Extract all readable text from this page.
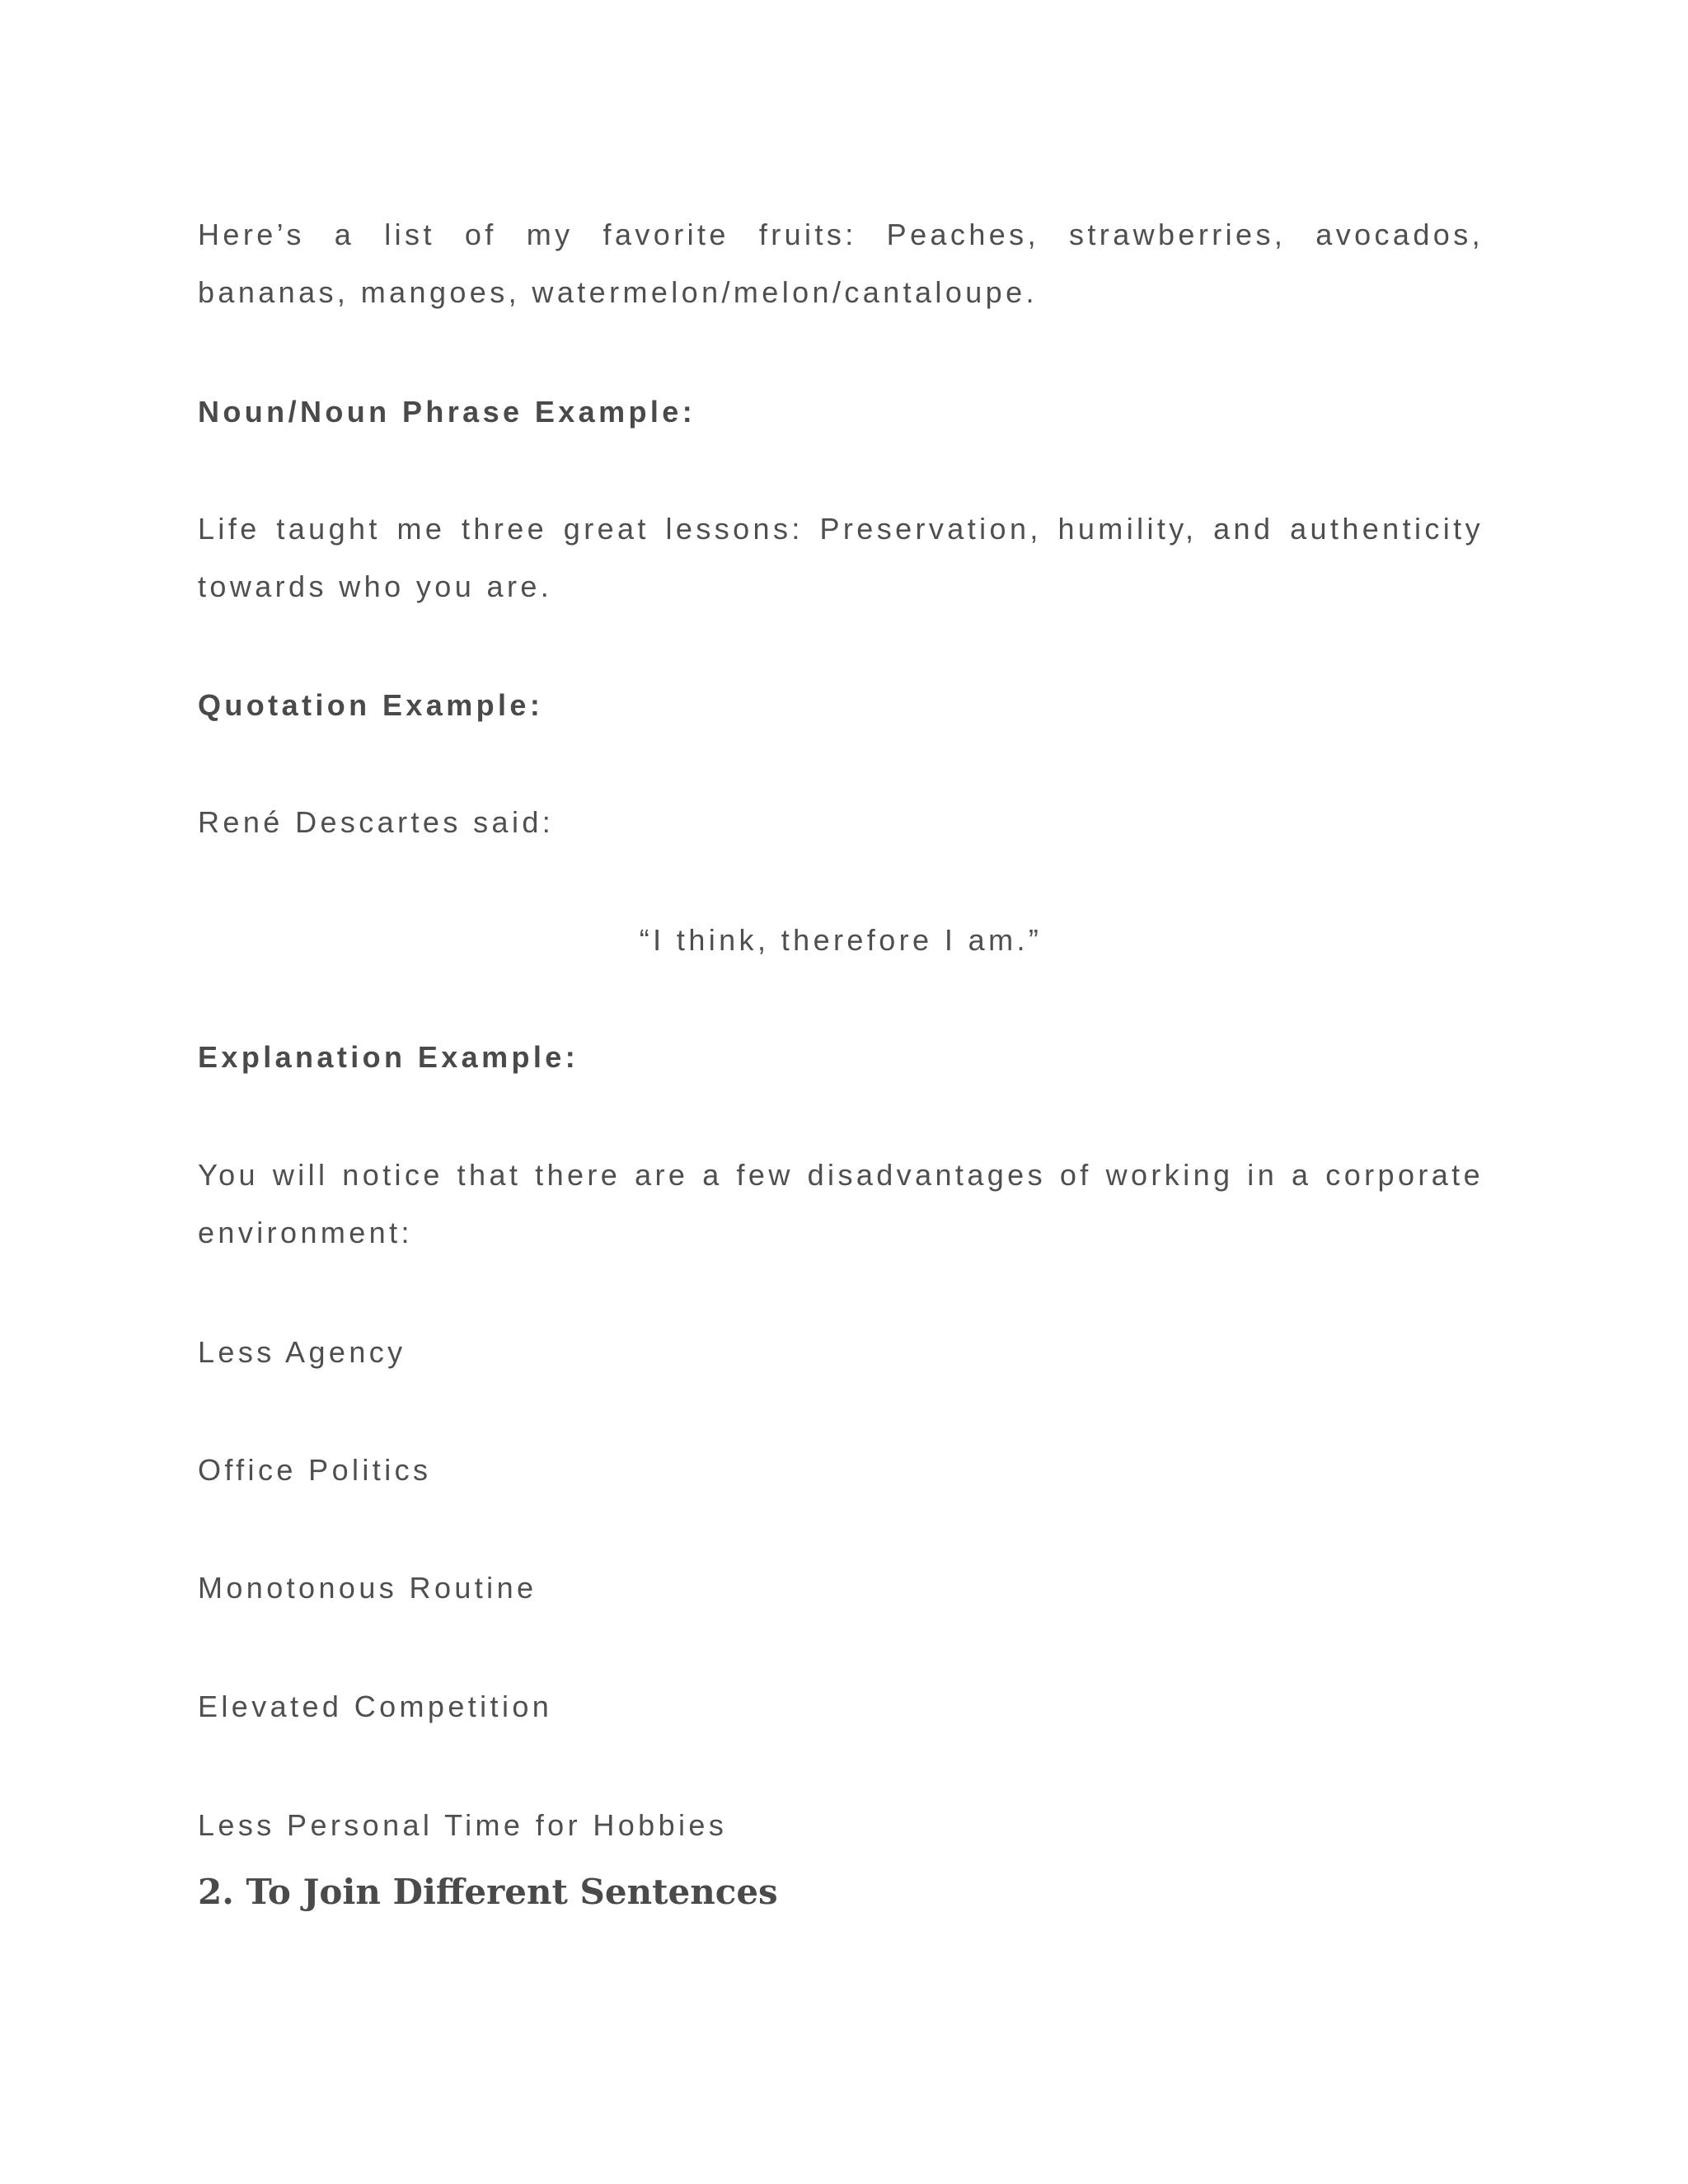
Here’s a list of my favorite fruits: Peaches, strawberries, avocados, bananas, mangoes, watermelon/melon/cantaloupe.

Noun/Noun Phrase Example:

Life taught me three great lessons: Preservation, humility, and authenticity towards who you are.

Quotation Example:

René Descartes said:

“I think, therefore I am.”

Explanation Example:

You will notice that there are a few disadvantages of working in a corporate environment:

Less Agency

Office Politics

Monotonous Routine

Elevated Competition

Less Personal Time for Hobbies

2. To Join Different Sentences
